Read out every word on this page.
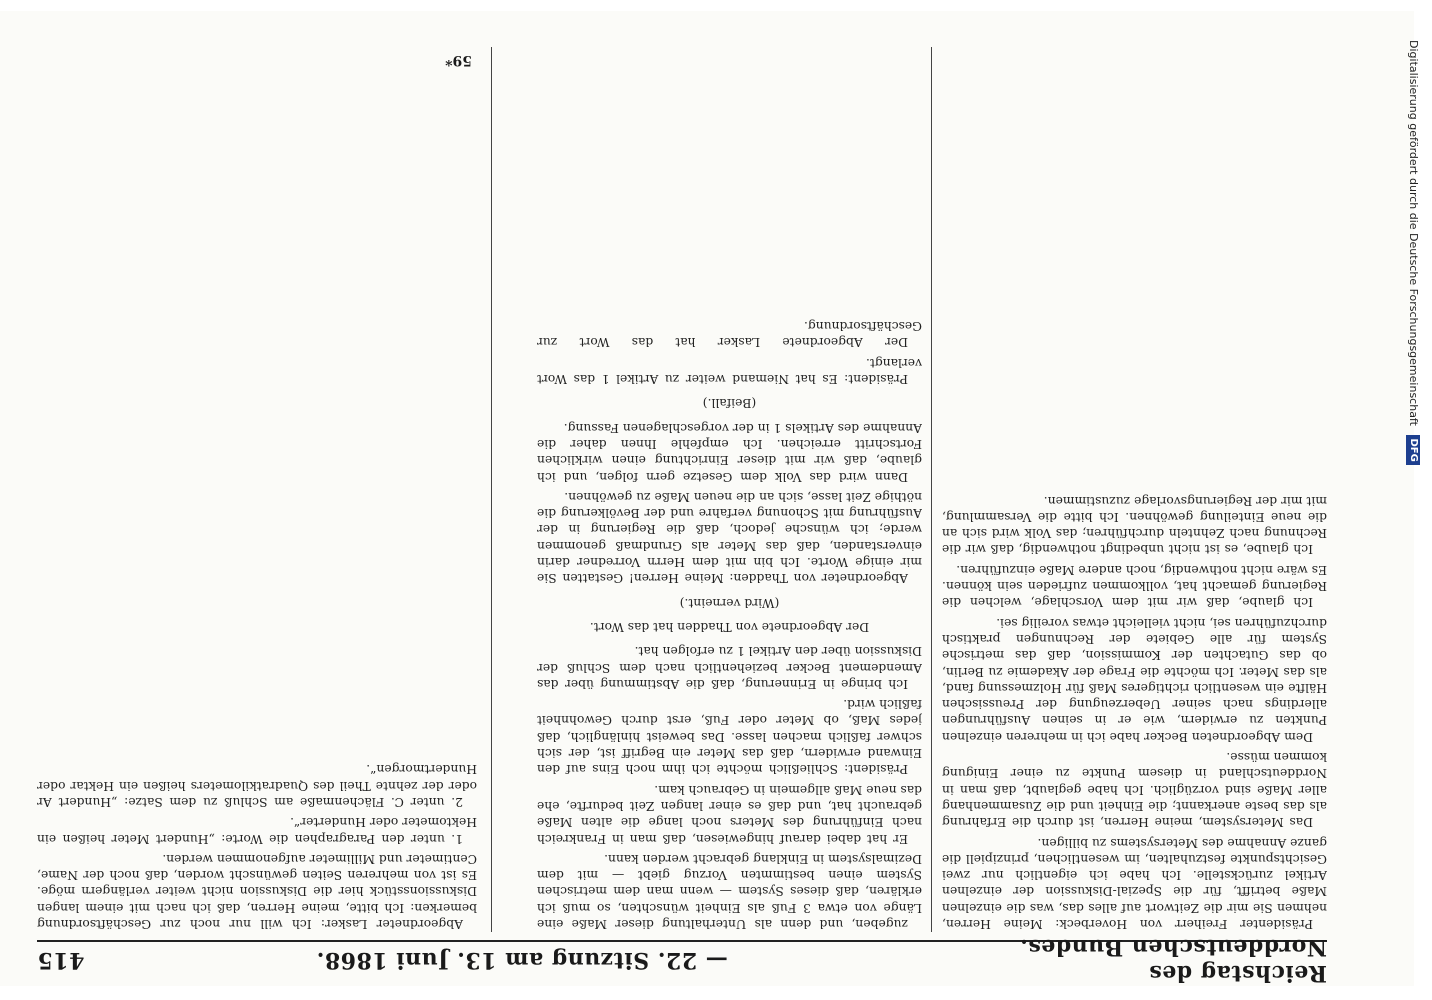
Reichstag des Norddeutschen Bundes.
— 22. Sitzung am 13. Juni 1868.
415

Präsidenter Freiherr von Hoverbeck: Meine Herren, nehmen Sie mir die Zeitwort auf alles das, was die einzelnen Maße betrifft, für die Spezial-Diskussion der einzelnen Artikel zurückstelle. Ich habe ich eigentlich nur zwei Gesichtspunkte festzuhalten, im wesentlichen, prinzipiell die ganze Annahme des Metersystems zu billigen.

Das Metersystem, meine Herren, ist durch die Erfahrung als das beste anerkannt; die Einheit und die Zusammenhang aller Maße sind vorzüglich. Ich habe geglaubt, daß man in Norddeutschland in diesem Punkte zu einer Einigung kommen müsse.

Dem Abgeordneten Becker habe ich in mehreren einzelnen Punkten zu erwidern, wie er in seinen Ausführungen allerdings nach seiner Ueberzeugung der Preussischen Hälfte ein wesentlich richtigeres Maß für Holzmessung fand, als das Meter. Ich möchte die Frage der Akademie zu Berlin, ob das Gutachten der Kommission, daß das metrische System für alle Gebiete der Rechnungen praktisch durchzuführen sei, nicht vielleicht etwas voreilig sei.

Ich glaube, daß wir mit dem Vorschlage, welchen die Regierung gemacht hat, vollkommen zufrieden sein können. Es wäre nicht nothwendig, noch andere Maße einzuführen.

Ich glaube, es ist nicht unbedingt nothwendig, daß wir die Rechnung nach Zehnteln durchführen; das Volk wird sich an die neue Einteilung gewöhnen. Ich bitte die Versammlung, mit mir der Regierungsvorlage zuzustimmen.

zugeben, und denn als Unterhaltung dieser Maße eine Länge von etwa 3 Fuß als Einheit wünschten, so muß ich erklären, daß dieses System — wenn man dem metrischen System einen bestimmten Vorzug giebt — mit dem Dezimalsystem in Einklang gebracht werden kann.

Er hat dabei darauf hingewiesen, daß man in Frankreich nach Einführung des Meters noch lange die alten Maße gebraucht hat, und daß es einer langen Zeit bedurfte, ehe das neue Maß allgemein in Gebrauch kam.

Präsident: Schließlich möchte ich ihm noch Eins auf den Einwand erwidern, daß das Meter ein Begriff ist, der sich schwer faßlich machen lasse. Das beweist hinlänglich, daß jedes Maß, ob Meter oder Fuß, erst durch Gewohnheit faßlich wird.

Ich bringe in Erinnerung, daß die Abstimmung über das Amendement Becker beziehentlich nach dem Schluß der Diskussion über den Artikel 1 zu erfolgen hat.

Der Abgeordnete von Thadden hat das Wort.

(Wird verneint.)

Abgeordneter von Thadden: Meine Herren! Gestatten Sie mir einige Worte. Ich bin mit dem Herrn Vorredner darin einverstanden, daß das Meter als Grundmaß genommen werde; ich wünsche jedoch, daß die Regierung in der Ausführung mit Schonung verfahre und der Bevölkerung die nöthige Zeit lasse, sich an die neuen Maße zu gewöhnen.

Dann wird das Volk dem Gesetze gern folgen, und ich glaube, daß wir mit dieser Einrichtung einen wirklichen Fortschritt erreichen. Ich empfehle Ihnen daher die Annahme des Artikels 1 in der vorgeschlagenen Fassung.

(Beifall.)

Präsident: Es hat Niemand weiter zu Artikel 1 das Wort verlangt.

Der Abgeordnete Lasker hat das Wort zur Geschäftsordnung.

Abgeordneter Lasker: Ich will nur noch zur Geschäftsordnung bemerken: Ich bitte, meine Herren, daß ich nach mit einem langen Diskussionsstück hier die Diskussion nicht weiter verlängern möge. Es ist von mehreren Seiten gewünscht worden, daß noch der Name, Centimeter und Millimeter aufgenommen werden.

1. unter den Paragraphen die Worte: „Hundert Meter heißen ein Hektometer oder Hunderter“.

2. unter C. Flächenmaße am Schluß zu dem Satze: „Hundert Ar oder der zehnte Theil des Quadratkilometers heißen ein Hektar oder Hundertmorgen“.

59*	Digitalisierung gefördert durch die Deutsche Forschungsgemeinschaft DFG
